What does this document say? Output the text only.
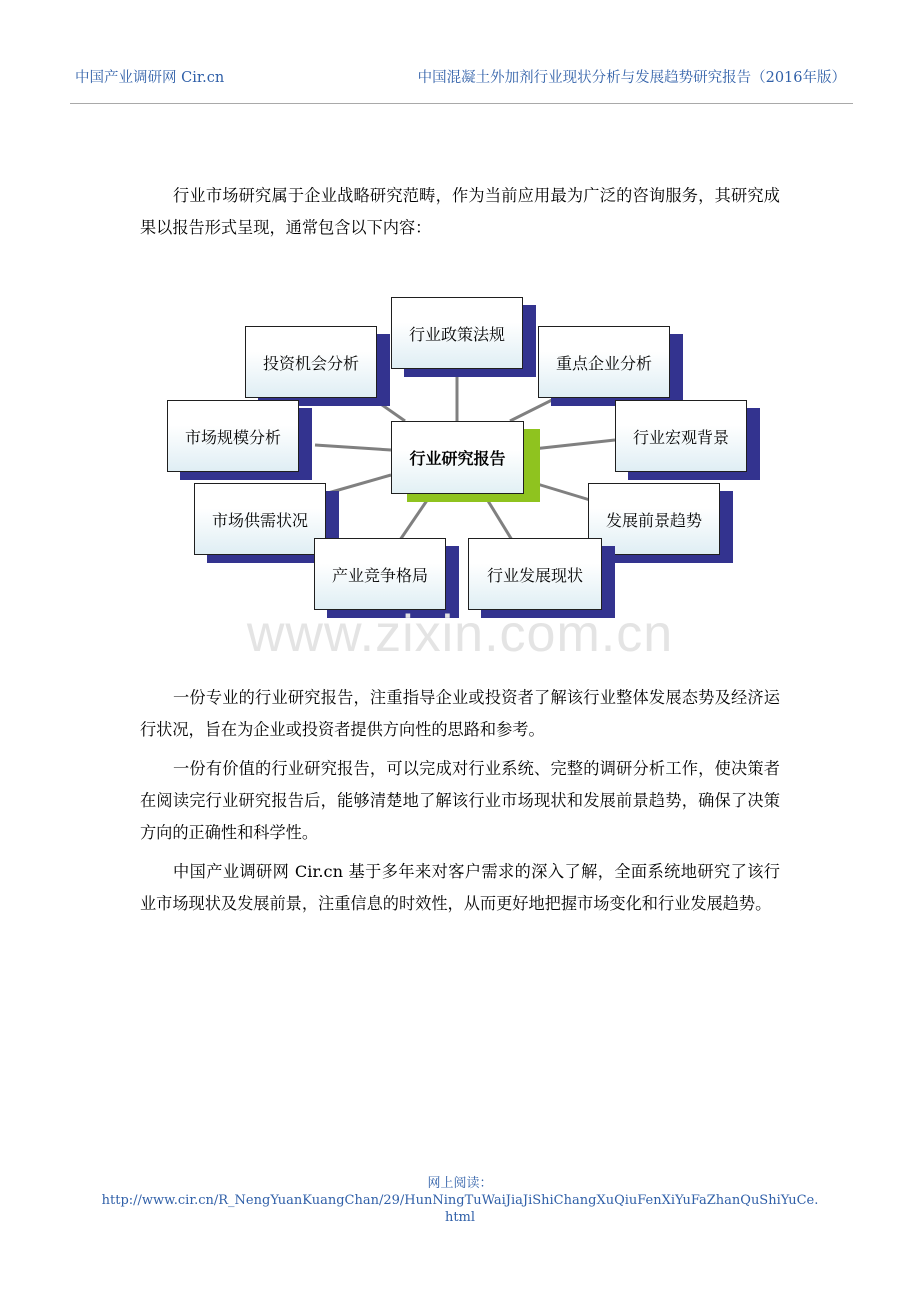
中国产业调研网 Cir.cn	中国混凝土外加剂行业现状分析与发展趋势研究报告（2016年版）

行业市场研究属于企业战略研究范畴，作为当前应用最为广泛的咨询服务，其研究成果以报告形式呈现，通常包含以下内容：

行业政策法规
投资机会分析	重点企业分析
市场规模分析	行业宏观背景
市场供需状况	发展前景趋势
产业竞争格局	行业发展现状
行业研究报告
www.zixin.com.cn

一份专业的行业研究报告，注重指导企业或投资者了解该行业整体发展态势及经济运行状况，旨在为企业或投资者提供方向性的思路和参考。

一份有价值的行业研究报告，可以完成对行业系统、完整的调研分析工作，使决策者在阅读完行业研究报告后，能够清楚地了解该行业市场现状和发展前景趋势，确保了决策方向的正确性和科学性。

中国产业调研网 Cir.cn 基于多年来对客户需求的深入了解，全面系统地研究了该行业市场现状及发展前景，注重信息的时效性，从而更好地把握市场变化和行业发展趋势。

网上阅读：
http://www.cir.cn/R_NengYuanKuangChan/29/HunNingTuWaiJiaJiShiChangXuQiuFenXiYuFaZhanQuShiYuCe.
html
